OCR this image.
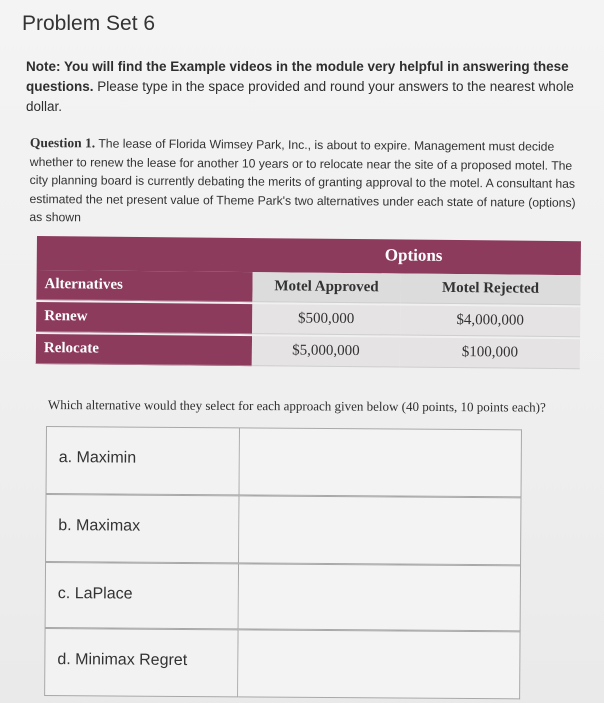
Problem Set 6
Note: You will find the Example videos in the module very helpful in answering these questions. Please type in the space provided and round your answers to the nearest whole dollar.
Question 1. The lease of Florida Wimsey Park, Inc., is about to expire. Management must decide whether to renew the lease for another 10 years or to relocate near the site of a proposed motel. The city planning board is currently debating the merits of granting approval to the motel. A consultant has estimated the net present value of Theme Park's two alternatives under each state of nature (options) as shown
Options
Alternatives	Motel Approved	Motel Rejected
Renew	$500,000	$4,000,000
Relocate	$5,000,000	$100,000
Which alternative would they select for each approach given below (40 points, 10 points each)?
a. Maximin
b. Maximax
c. LaPlace
d. Minimax Regret
